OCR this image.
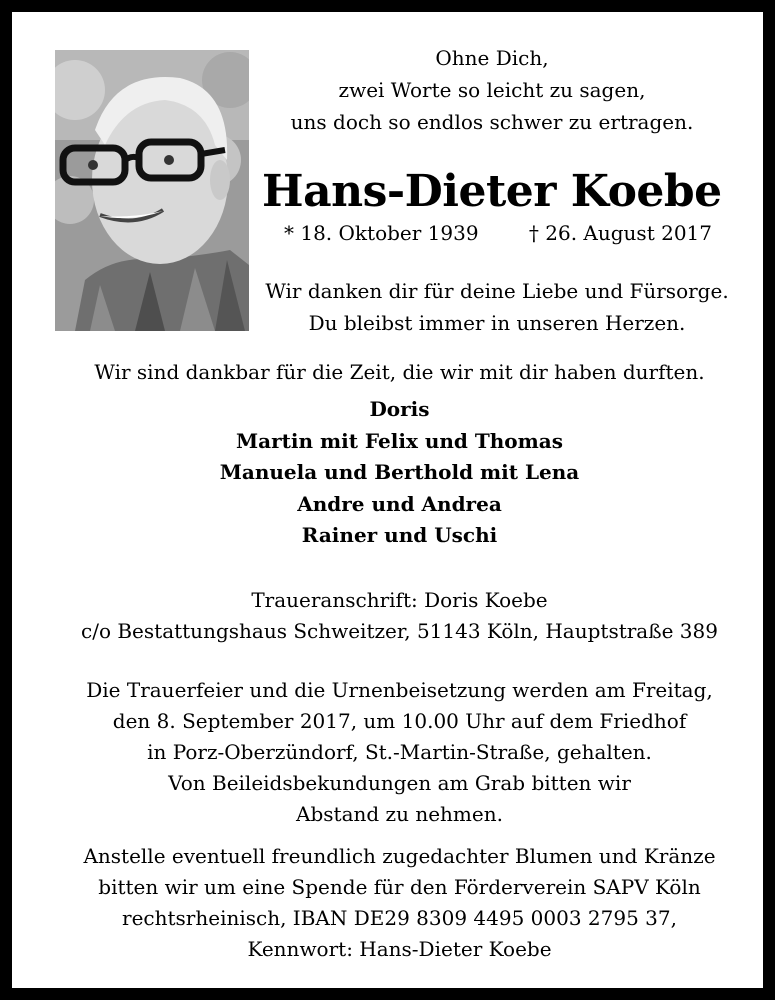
Ohne Dich,
zwei Worte so leicht zu sagen,
uns doch so endlos schwer zu ertragen.
Hans-Dieter Koebe
* 18. Oktober 1939	† 26. August 2017
Wir danken dir für deine Liebe und Fürsorge.
Du bleibst immer in unseren Herzen.
Wir sind dankbar für die Zeit, die wir mit dir haben durften.
Doris
Martin mit Felix und Thomas
Manuela und Berthold mit Lena
Andre und Andrea
Rainer und Uschi
Traueranschrift: Doris Koebe
c/o Bestattungshaus Schweitzer, 51143 Köln, Hauptstraße 389
Die Trauerfeier und die Urnenbeisetzung werden am Freitag,
den 8. September 2017, um 10.00 Uhr auf dem Friedhof
in Porz-Oberzündorf, St.-Martin-Straße, gehalten.
Von Beileidsbekundungen am Grab bitten wir
Abstand zu nehmen.
Anstelle eventuell freundlich zugedachter Blumen und Kränze
bitten wir um eine Spende für den Förderverein SAPV Köln
rechtsrheinisch, IBAN DE29 8309 4495 0003 2795 37,
Kennwort: Hans-Dieter Koebe
